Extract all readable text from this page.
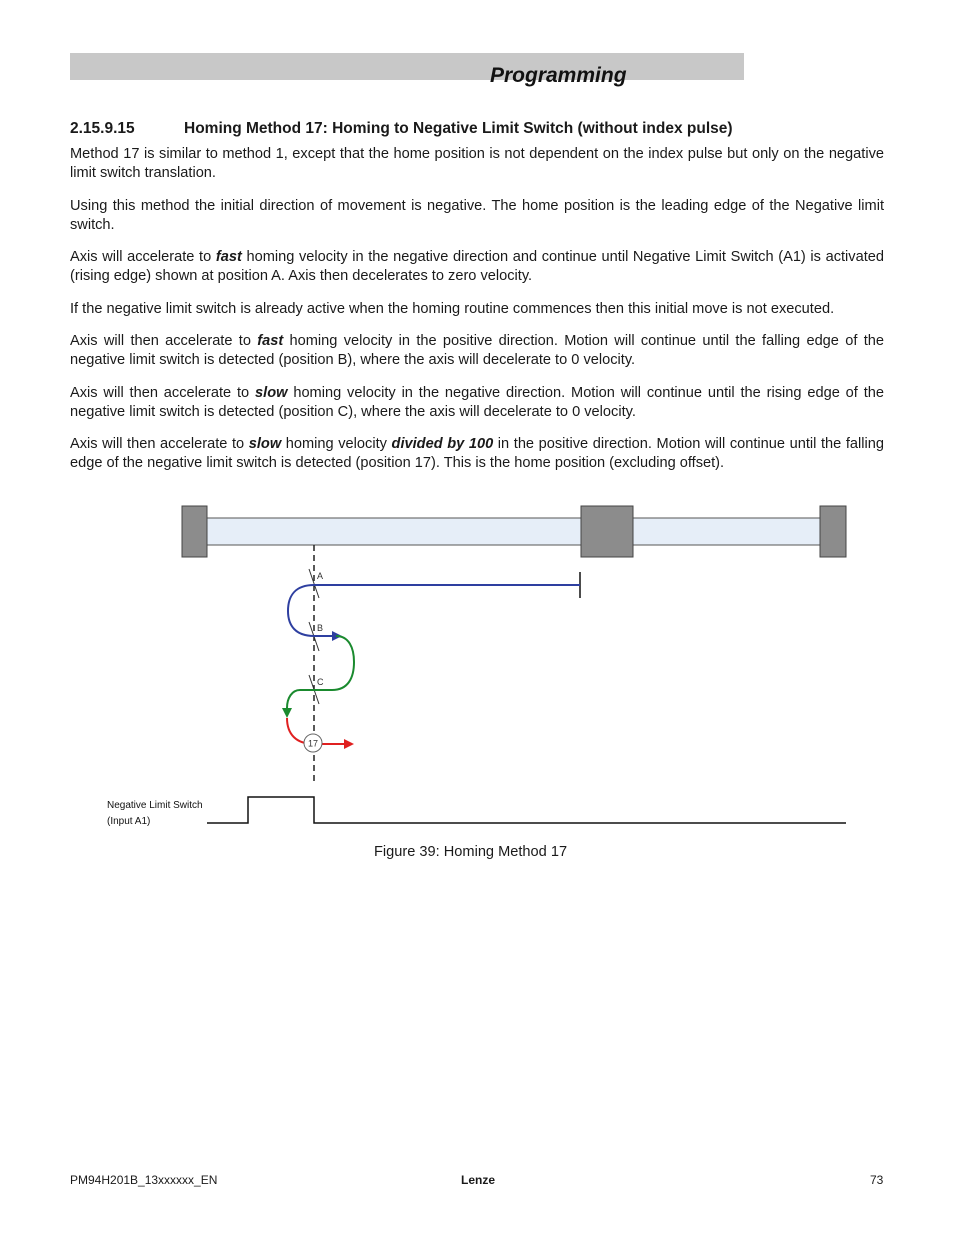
Programming
2.15.9.15	Homing Method 17: Homing to Negative Limit Switch (without index pulse)

Method 17 is similar to method 1, except that the home position is not dependent on the index pulse but only on the negative limit switch translation.

Using this method the initial direction of movement is negative. The home position is the leading edge of the Negative limit switch.

Axis will accelerate to fast homing velocity in the negative direction and continue until Negative Limit Switch (A1) is activated (rising edge) shown at position A. Axis then decelerates to zero velocity.

If the negative limit switch is already active when the homing routine commences then this initial move is not executed.

Axis will then accelerate to fast homing velocity in the positive direction. Motion will continue until the falling edge of the negative limit switch is detected (position B), where the axis will decelerate to 0 velocity.

Axis will then accelerate to slow homing velocity in the negative direction. Motion will continue until the rising edge of the negative limit switch is detected (position C), where the axis will decelerate to 0 velocity.

Axis will then accelerate to slow homing velocity divided by 100 in the positive direction. Motion will continue until the falling edge of the negative limit switch is detected (position 17). This is the home position (excluding offset).

A
B
C
17
Negative Limit Switch
(Input A1)
Figure 39: Homing Method 17
PM94H201B_13xxxxxx_EN	Lenze	73
